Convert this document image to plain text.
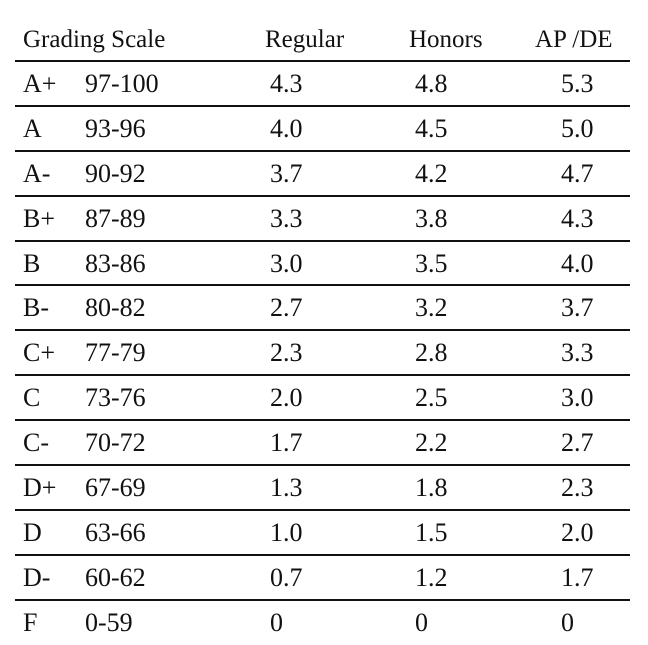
Grading Scale	Regular	Honors	AP /DE
A+ 97-100	4.3	4.8	5.3
A 93-96	4.0	4.5	5.0
A- 90-92	3.7	4.2	4.7
B+ 87-89	3.3	3.8	4.3
B 83-86	3.0	3.5	4.0
B- 80-82	2.7	3.2	3.7
C+ 77-79	2.3	2.8	3.3
C 73-76	2.0	2.5	3.0
C- 70-72	1.7	2.2	2.7
D+ 67-69	1.3	1.8	2.3
D 63-66	1.0	1.5	2.0
D- 60-62	0.7	1.2	1.7
F 0-59	0	0	0
